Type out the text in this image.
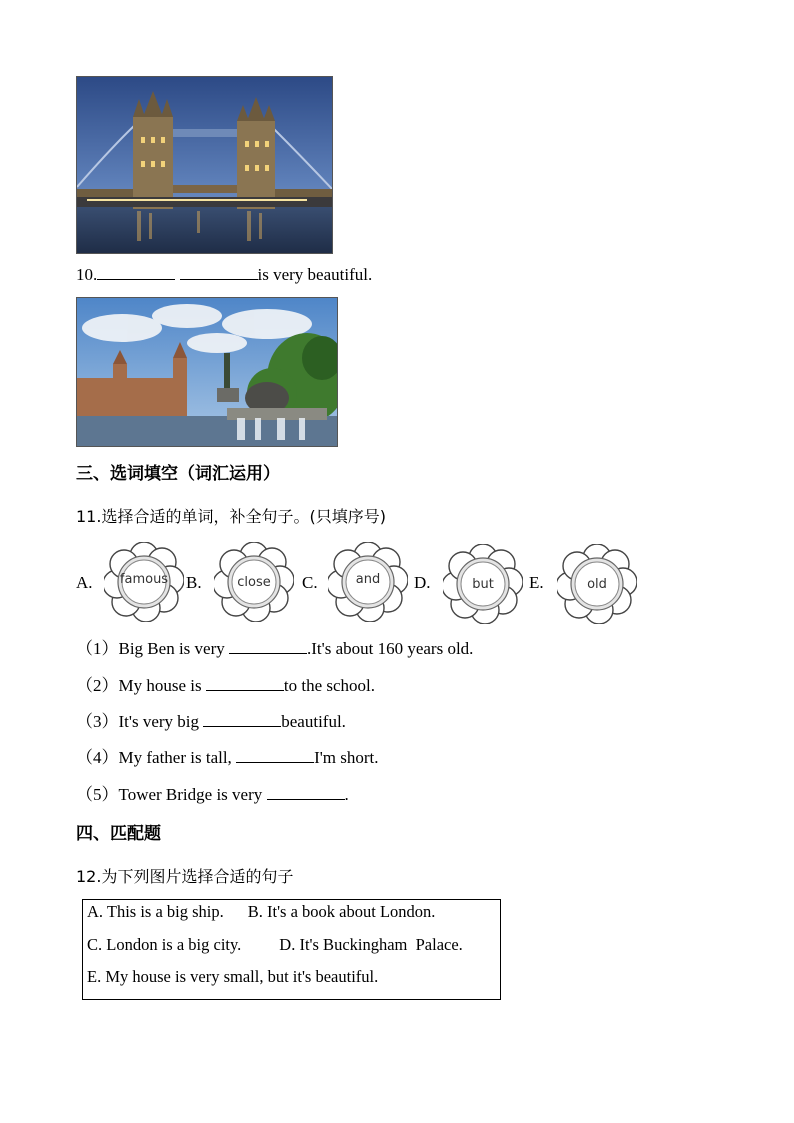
10.	is very beautiful.
三、选词填空（词汇运用）
11.选择合适的单词，补全句子。(只填序号)
A.	famous	B.	close	C.	and	D.	but	E.	old
（1）Big Ben is very	.It's about 160 years old.
（2）My house is	to the school.
（3）It's very big	beautiful.
（4）My father is tall,	I'm short.
（5）Tower Bridge is very	.
四、匹配题
12.为下列图片选择合适的句子
A. This is a big ship. B. It's a book about London.
C. London is a big city. D. It's Buckingham  Palace.
E. My house is very small, but it's beautiful.
